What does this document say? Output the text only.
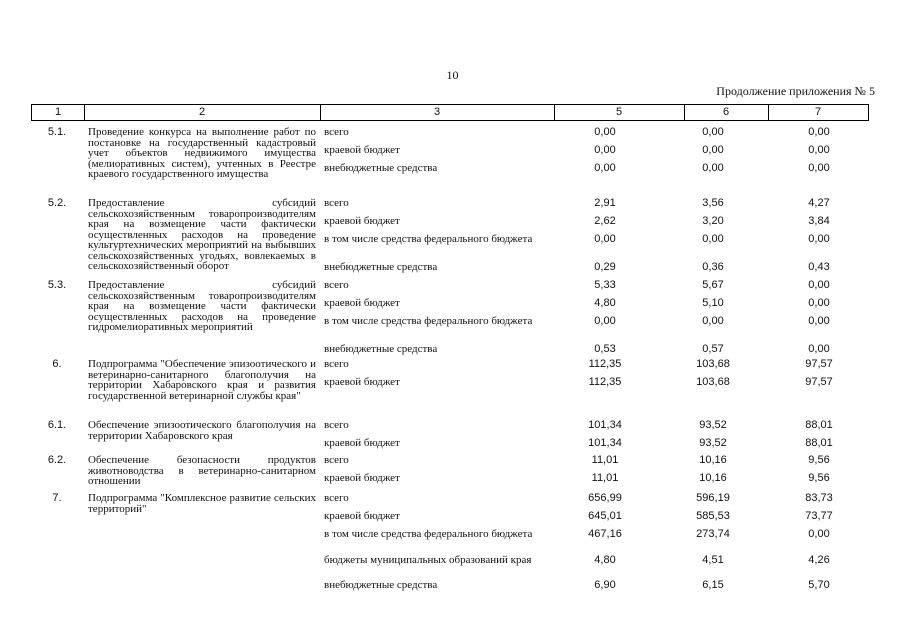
10
Продолжение приложения № 5
1	2	3	5	6	7
5.1.	Проведение конкурса на выполнение работ по постановке на государственный кадастровый учет объектов недвижимого имущества (мелиоративных систем), учтенных в Реестре краевого государственного имущества
всего	0,00	0,00	0,00
краевой бюджет	0,00	0,00	0,00
внебюджетные средства	0,00	0,00	0,00
5.2.	Предоставление субсидий сельскохозяйственным товаропроизводителям края на возмещение части фактически осуществленных расходов на проведение культуртехнических мероприятий на выбывших сельскохозяйственных угодьях, вовлекаемых в сельскохозяйственный оборот
всего	2,91	3,56	4,27
краевой бюджет	2,62	3,20	3,84
в том числе средства федерального бюджета	0,00	0,00	0,00
внебюджетные средства	0,29	0,36	0,43
5.3.	Предоставление субсидий сельскохозяйственным товаропроизводителям края на возмещение части фактически осуществленных расходов на проведение гидромелиоративных мероприятий
всего	5,33	5,67	0,00
краевой бюджет	4,80	5,10	0,00
в том числе средства федерального бюджета	0,00	0,00	0,00
внебюджетные средства	0,53	0,57	0,00
6.	Подпрограмма "Обеспечение эпизоотического и ветеринарно-санитарного благополучия на территории Хабаровского края и развития государственной ветеринарной службы края"
всего	112,35	103,68	97,57
краевой бюджет	112,35	103,68	97,57
6.1.	Обеспечение эпизоотического благополучия на территории Хабаровского края
всего	101,34	93,52	88,01
краевой бюджет	101,34	93,52	88,01
6.2.	Обеспечение безопасности продуктов животноводства в ветеринарно-санитарном отношении
всего	11,01	10,16	9,56
краевой бюджет	11,01	10,16	9,56
7.	Подпрограмма "Комплексное развитие сельских территорий"
всего	656,99	596,19	83,73
краевой бюджет	645,01	585,53	73,77
в том числе средства федерального бюджета	467,16	273,74	0,00
бюджеты муниципальных образований края	4,80	4,51	4,26
внебюджетные средства	6,90	6,15	5,70
